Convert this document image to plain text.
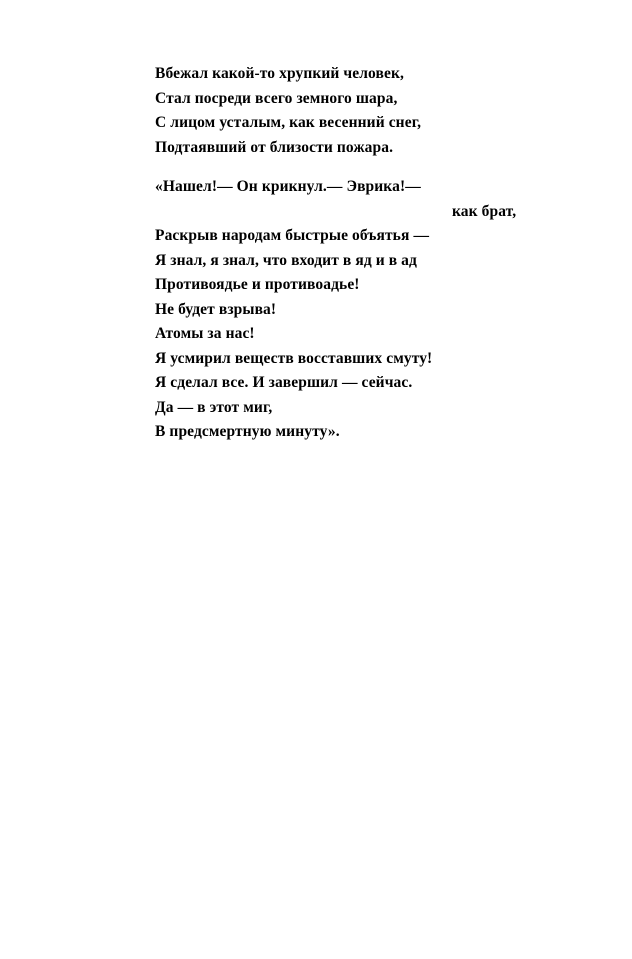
Вбежал какой-то хрупкий человек,
Стал посреди всего земного шара,
С лицом усталым, как весенний снег,
Подтаявший от близости пожара.
«Нашел!— Он крикнул.— Эврика!—
как брат,
Раскрыв народам быстрые объятья —
Я знал, я знал, что входит в яд и в ад
Противоядье и противоадье!
Не будет взрыва!
Атомы за нас!
Я усмирил веществ восставших смуту!
Я сделал все. И завершил — сейчас.
Да — в этот миг,
В предсмертную минуту».
